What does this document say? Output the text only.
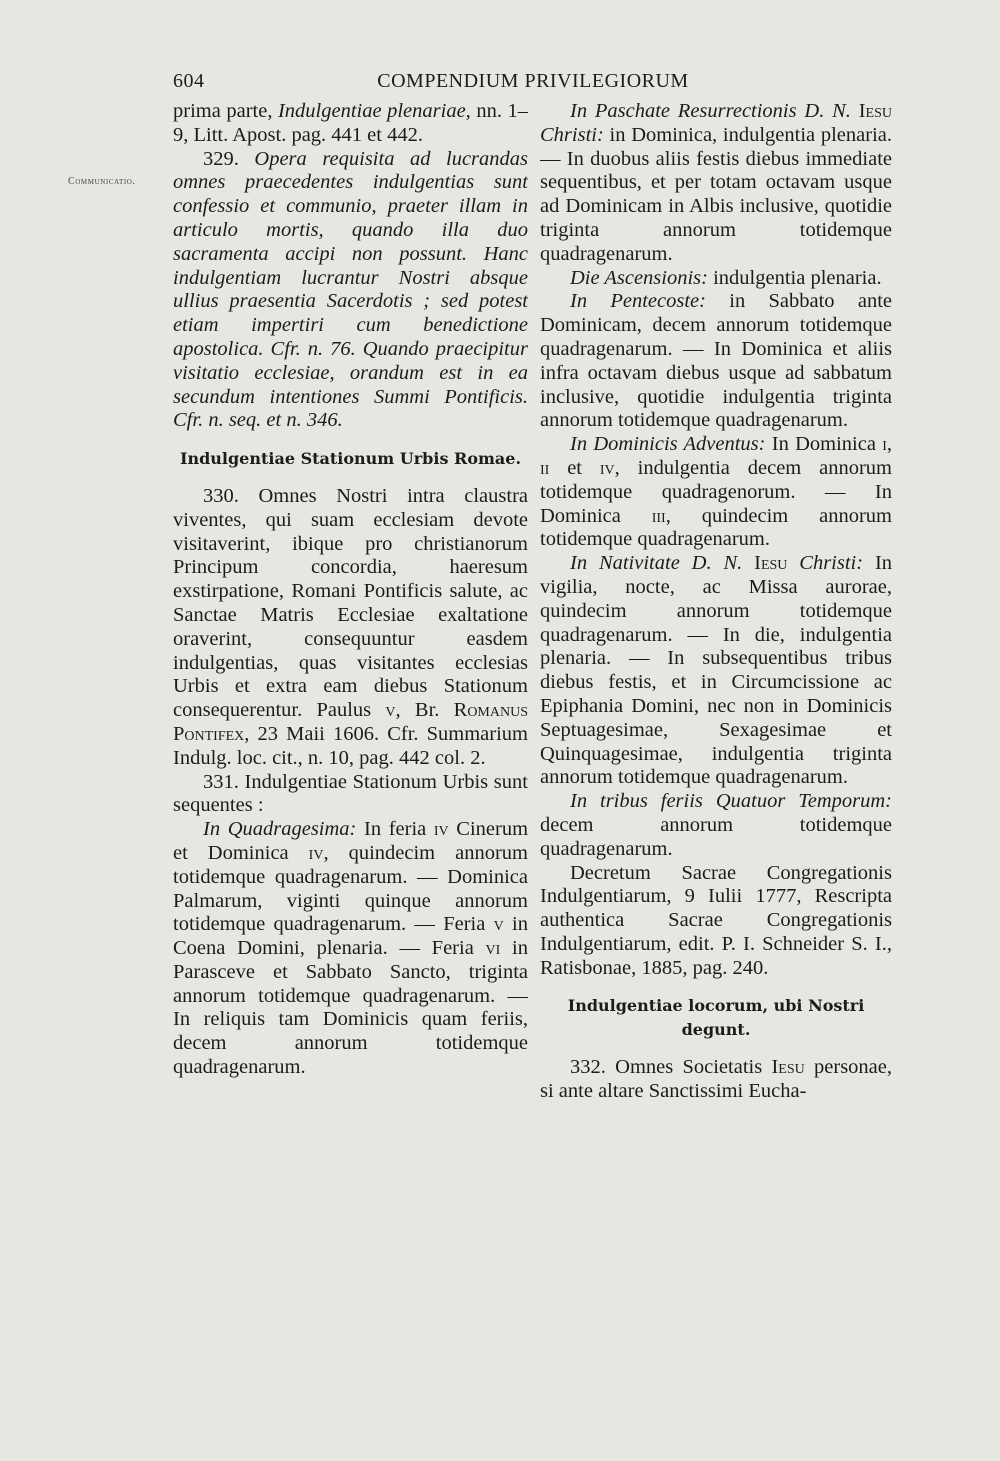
604	COMPENDIUM PRIVILEGIORUM
Communicatio.

prima parte, Indulgentiae plenariae, nn. 1–9, Litt. Apost. pag. 441 et 442.

329. Opera requisita ad lucrandas omnes praecedentes indulgentias sunt confessio et communio, praeter illam in articulo mortis, quando illa duo sacramenta accipi non possunt. Hanc indulgentiam lucrantur Nostri absque ullius praesentia Sacerdotis ; sed potest etiam impertiri cum benedictione apostolica. Cfr. n. 76. Quando praecipitur visitatio ecclesiae, orandum est in ea secundum intentiones Summi Pontificis. Cfr. n. seq. et n. 346.

Indulgentiae Stationum Urbis Romae.

330. Omnes Nostri intra claustra viventes, qui suam ecclesiam devote visitaverint, ibique pro christianorum Principum concordia, haeresum exstirpatione, Romani Pontificis salute, ac Sanctae Matris Ecclesiae exaltatione oraverint, consequuntur easdem indulgentias, quas visitantes ecclesias Urbis et extra eam diebus Stationum consequerentur. Paulus v, Br. Romanus Pontifex, 23 Maii 1606. Cfr. Summarium Indulg. loc. cit., n. 10, pag. 442 col. 2.

331. Indulgentiae Stationum Urbis sunt sequentes :

In Quadragesima: In feria iv Cinerum et Dominica iv, quindecim annorum totidemque quadragenarum. — Dominica Palmarum, viginti quinque annorum totidemque quadragenarum. — Feria v in Coena Domini, plenaria. — Feria vi in Parasceve et Sabbato Sancto, triginta annorum totidemque quadragenarum. — In reliquis tam Dominicis quam feriis, decem annorum totidemque quadragenarum.

In Paschate Resurrectionis D. N. Iesu Christi: in Dominica, indulgentia plenaria. — In duobus aliis festis diebus immediate sequentibus, et per totam octavam usque ad Dominicam in Albis inclusive, quotidie triginta annorum totidemque quadragenarum.

Die Ascensionis: indulgentia plenaria.

In Pentecoste: in Sabbato ante Dominicam, decem annorum totidemque quadragenarum. — In Dominica et aliis infra octavam diebus usque ad sabbatum inclusive, quotidie indulgentia triginta annorum totidemque quadragenarum.

In Dominicis Adventus: In Dominica i, ii et iv, indulgentia decem annorum totidemque quadragenorum. — In Dominica iii, quindecim annorum totidemque quadragenarum.

In Nativitate D. N. Iesu Christi: In vigilia, nocte, ac Missa aurorae, quindecim annorum totidemque quadragenarum. — In die, indulgentia plenaria. — In subsequentibus tribus diebus festis, et in Circumcissione ac Epiphania Domini, nec non in Dominicis Septuagesimae, Sexagesimae et Quinquagesimae, indulgentia triginta annorum totidemque quadragenarum.

In tribus feriis Quatuor Temporum: decem annorum totidemque quadragenarum.

Decretum Sacrae Congregationis Indulgentiarum, 9 Iulii 1777, Rescripta authentica Sacrae Congregationis Indulgentiarum, edit. P. I. Schneider S. I., Ratisbonae, 1885, pag. 240.

Indulgentiae locorum, ubi Nostri degunt.

332. Omnes Societatis Iesu personae, si ante altare Sanctissimi Eucha-
